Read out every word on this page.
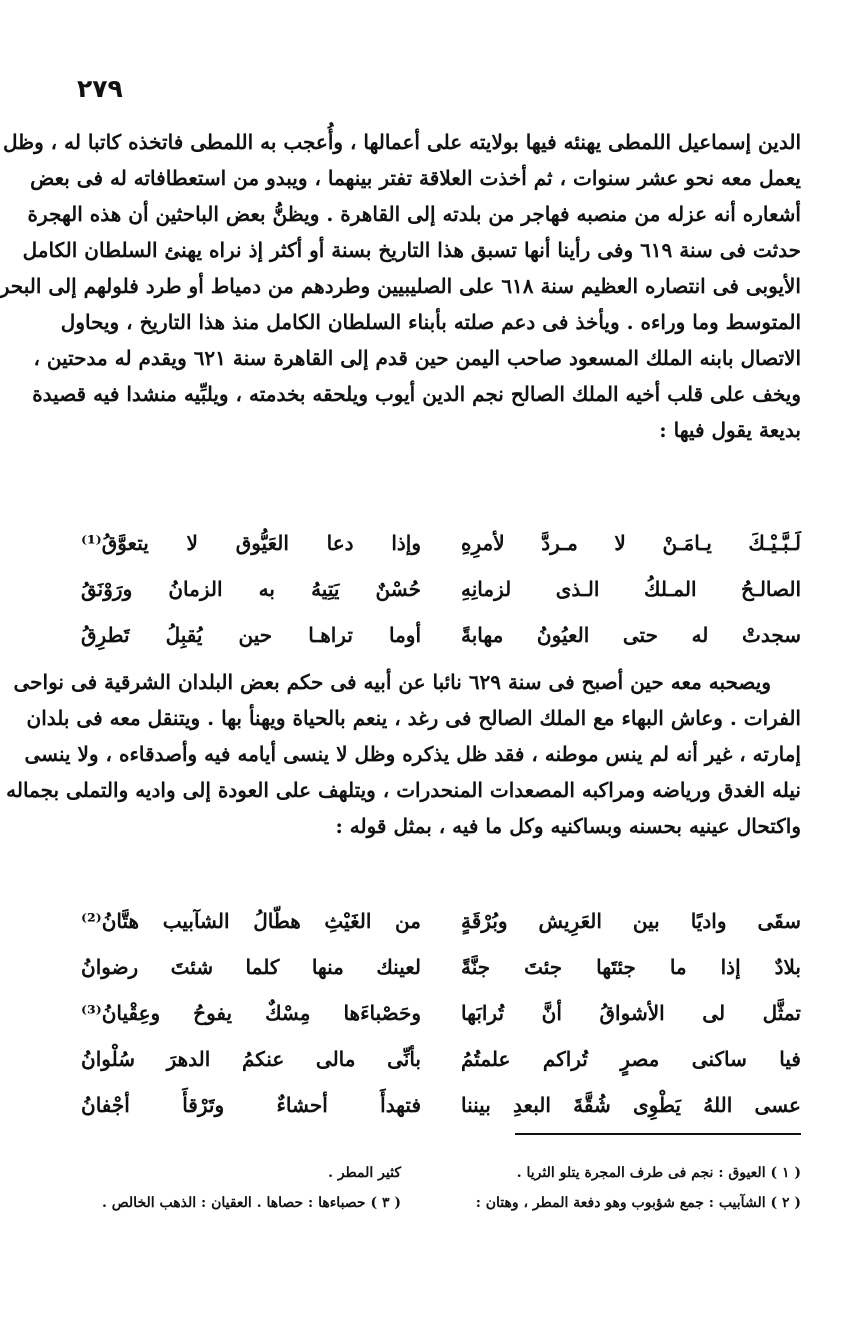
٢٧٩
الدين إسماعيل اللمطى يهنئه فيها بولايته على أعمالها ، وأُعجب به اللمطى فاتخذه كاتبا له ، وظل
يعمل معه نحو عشر سنوات ، ثم أخذت العلاقة تفتر بينهما ، ويبدو من استعطافاته له فى بعض
أشعاره أنه عزله من منصبه فهاجر من بلدته إلى القاهرة . ويظنُّ بعض الباحثين أن هذه الهجرة
حدثت فى سنة ٦١٩ وفى رأينا أنها تسبق هذا التاريخ بسنة أو أكثر إذ نراه يهنئ السلطان الكامل
الأيوبى فى انتصاره العظيم سنة ٦١٨ على الصليبيين وطردهم من دمياط أو طرد فلولهم إلى البحر
المتوسط وما وراءه . ويأخذ فى دعم صلته بأبناء السلطان الكامل منذ هذا التاريخ ، ويحاول
الاتصال بابنه الملك المسعود صاحب اليمن حين قدم إلى القاهرة سنة ٦٢١ ويقدم له مدحتين ،
ويخف على قلب أخيه الملك الصالح نجم الدين أيوب ويلحقه بخدمته ، ويلبِّيه منشدا فيه قصيدة
بديعة يقول فيها :
لَـبَّـيْـكَ يـامَـنْ لا مـردَّ لأمرِهِ
وإذا دعا العَيُّوق لا يتعوَّقُ⁽¹⁾
الصالـحُ المـلكُ الـذى لزمانِهِ
حُسْنٌ يَتِيهُ به الزمانُ ورَوْنَقُ
سجدتْ له حتى العيُونُ مهابةً
أوما تراهـا حين يُقبِلُ تَطرِقُ
ويصحبه معه حين أصبح فى سنة ٦٢٩ نائبا عن أبيه فى حكم بعض البلدان الشرقية فى نواحى
الفرات . وعاش البهاء مع الملك الصالح فى رغد ، ينعم بالحياة ويهنأ بها . ويتنقل معه فى بلدان
إمارته ، غير أنه لم ينس موطنه ، فقد ظل يذكره وظل لا ينسى أيامه فيه وأصدقاءه ، ولا ينسى
نيله الغدق ورياضه ومراكبه المصعدات المنحدرات ، ويتلهف على العودة إلى واديه والتملى بجماله
واكتحال عينيه بحسنه وبساكنيه وكل ما فيه ، بمثل قوله :
سقَى واديًا بين العَرِيش وبُرْقَةٍ
من الغَيْثِ هطّالُ الشآبيب هتَّانُ⁽²⁾
بلادٌ إذا ما جئتَها جئتَ جنَّةً
لعينك منها كلما شئتَ رضوانُ
تمثَّل لى الأشواقُ أنَّ تُرابَها
وحَصْباءَها مِسْكٌ يفوحُ وعِقْيانُ⁽³⁾
فيا ساكنى مصرٍ تُراكم علمتُمُ
بأنِّى مالى عنكمُ الدهرَ سُلْوانُ
عسى اللهُ يَطْوِى شُقَّةَ البعدِ بيننا
فتهدأَ أحشاءٌ وتَرْقأَ أجْفانُ
( ١ ) العيوق : نجم فى طرف المجرة يتلو الثريا .
كثير المطر .
( ٢ ) الشآبيب : جمع شؤبوب وهو دفعة المطر ، وهتان :
( ٣ ) حصباءها : حصاها . العقيان : الذهب الخالص .
